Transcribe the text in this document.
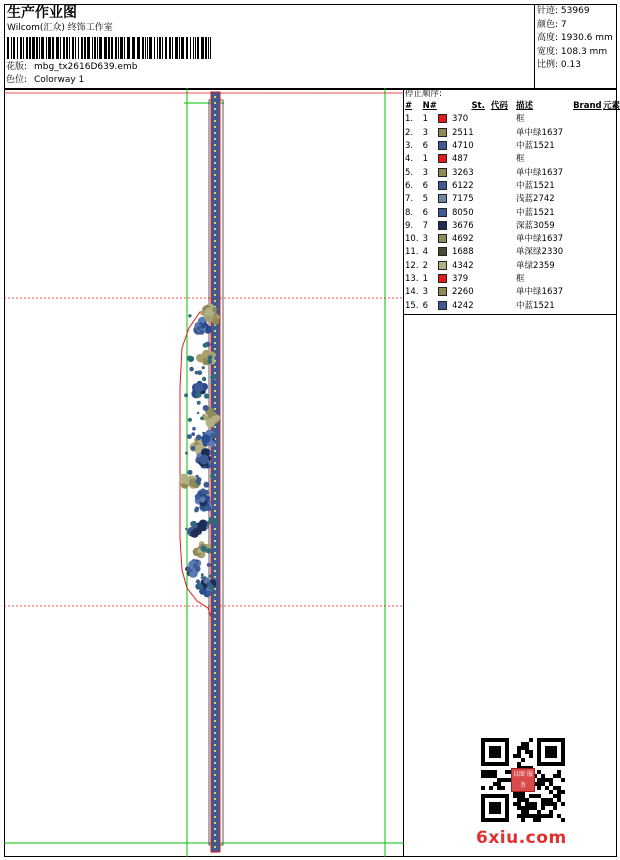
生产作业图
Wilcom(汇众) 终饰工作室
花版: mbg_tx2616D639.emb
色位: Colorway 1
针迹: 53969
颜色: 7
高度: 1930.6 mm
宽度: 108.3 mm
比例: 0.13
停止顺序:
#	N#		St.	代码	描述	Brand	元素
1.	1		370		框		
2.	3		2511		单中绿1637		
3.	6		4710		中蓝1521		
4.	1		487		框		
5.	3		3263		单中绿1637		
6.	6		6122		中蓝1521		
7.	5		7175		浅蓝2742		
8.	6		8050		中蓝1521		
9.	7		3676		深蓝3059		
10.	3		4692		单中绿1637		
11.	4		1688		单深绿2330		
12.	2		4342		单绿2359		
13.	1		379		框		
14.	3		2260		单中绿1637		
15.	6		4242		中蓝1521		
以图 服务
6xiu.com
